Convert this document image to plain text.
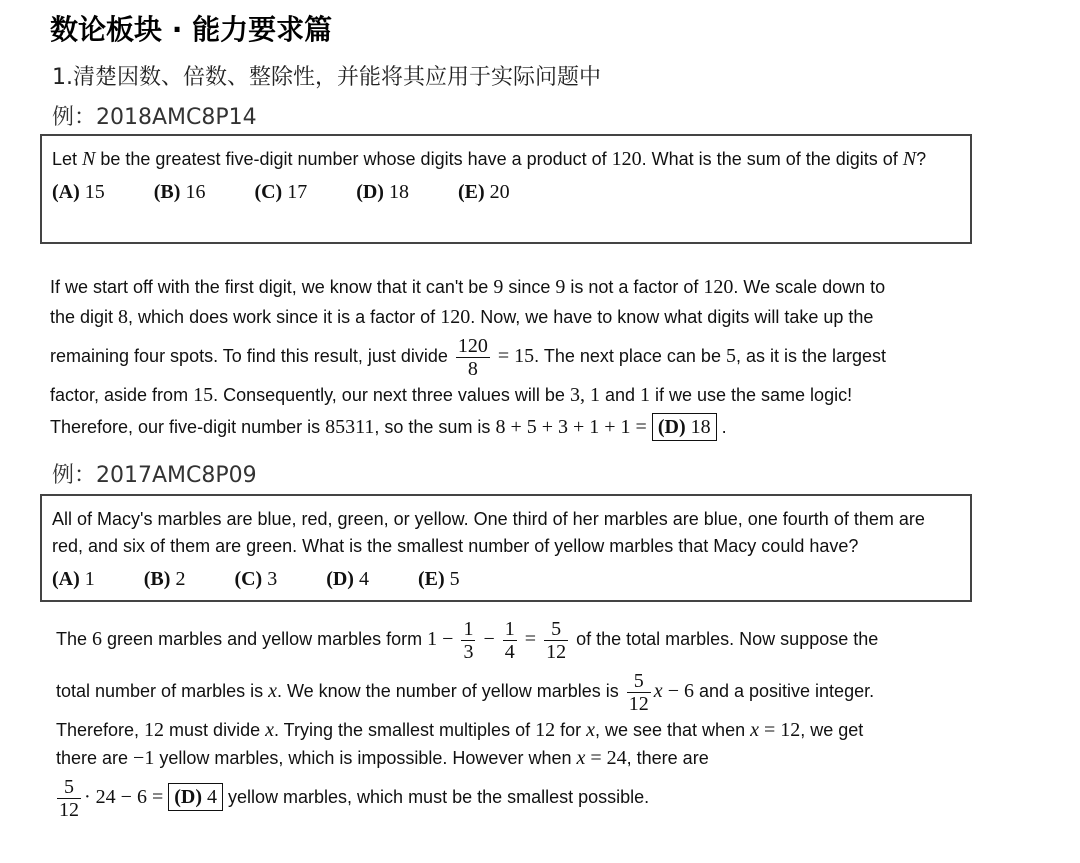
数论板块 · 能力要求篇
1.清楚因数、倍数、整除性，并能将其应用于实际问题中
例：2018AMC8P14

Let N be the greatest five-digit number whose digits have a product of 120. What is the sum of the digits of N?

(A) 15 (B) 16 (C) 17 (D) 18 (E) 20
If we start off with the first digit, we know that it can't be 9 since 9 is not a factor of 120. We scale down to
the digit 8, which does work since it is a factor of 120. Now, we have to know what digits will take up the
remaining four spots. To find this result, just divide $\frac{120}{8} = 15$. The next place can be 5, as it is the largest
factor, aside from 15. Consequently, our next three values will be 3, 1 and 1 if we use the same logic!
Therefore, our five-digit number is 85311, so the sum is 8 + 5 + 3 + 1 + 1 = (D) 18 .
例：2017AMC8P09

All of Macy's marbles are blue, red, green, or yellow. One third of her marbles are blue, one fourth of them are red, and six of them are green. What is the smallest number of yellow marbles that Macy could have?

(A) 1 (B) 2 (C) 3 (D) 4 (E) 5
The 6 green marbles and yellow marbles form $1 - \frac{1}{3} - \frac{1}{4} = \frac{5}{12}$ of the total marbles. Now suppose the
total number of marbles is x. We know the number of yellow marbles is $\frac{5}{12}$ x − 6 and a positive integer.
Therefore, 12 must divide x. Trying the smallest multiples of 12 for x, we see that when x = 12, we get
there are −1 yellow marbles, which is impossible. However when x = 24, there are
$\frac{5}{12} \cdot 24 - 6 = (D)$ 4 yellow marbles, which must be the smallest possible.
